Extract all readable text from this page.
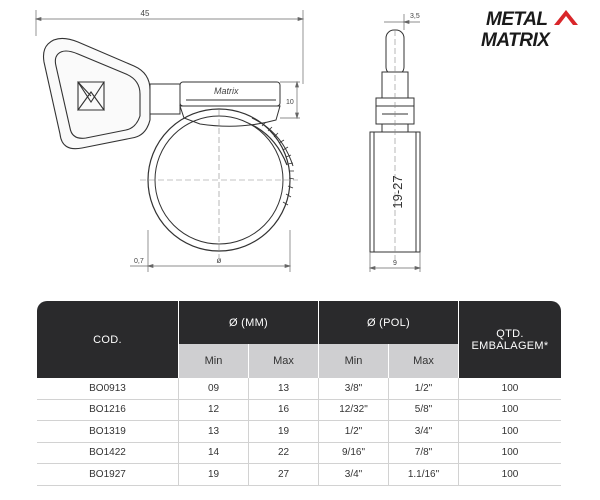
45
Matrix
10
0,7	ø
19-27
3,5
9
METAL
MATRIX
COD.	Ø (MM)		Ø (POL)		QTD.
EMBALAGEM*
	Min	Max	Min	Max	
BO0913	09	13	3/8"	1/2"	100
BO1216	12	16	12/32"	5/8"	100
BO1319	13	19	1/2"	3/4"	100
BO1422	14	22	9/16"	7/8"	100
BO1927	19	27	3/4"	1.1/16"	100
